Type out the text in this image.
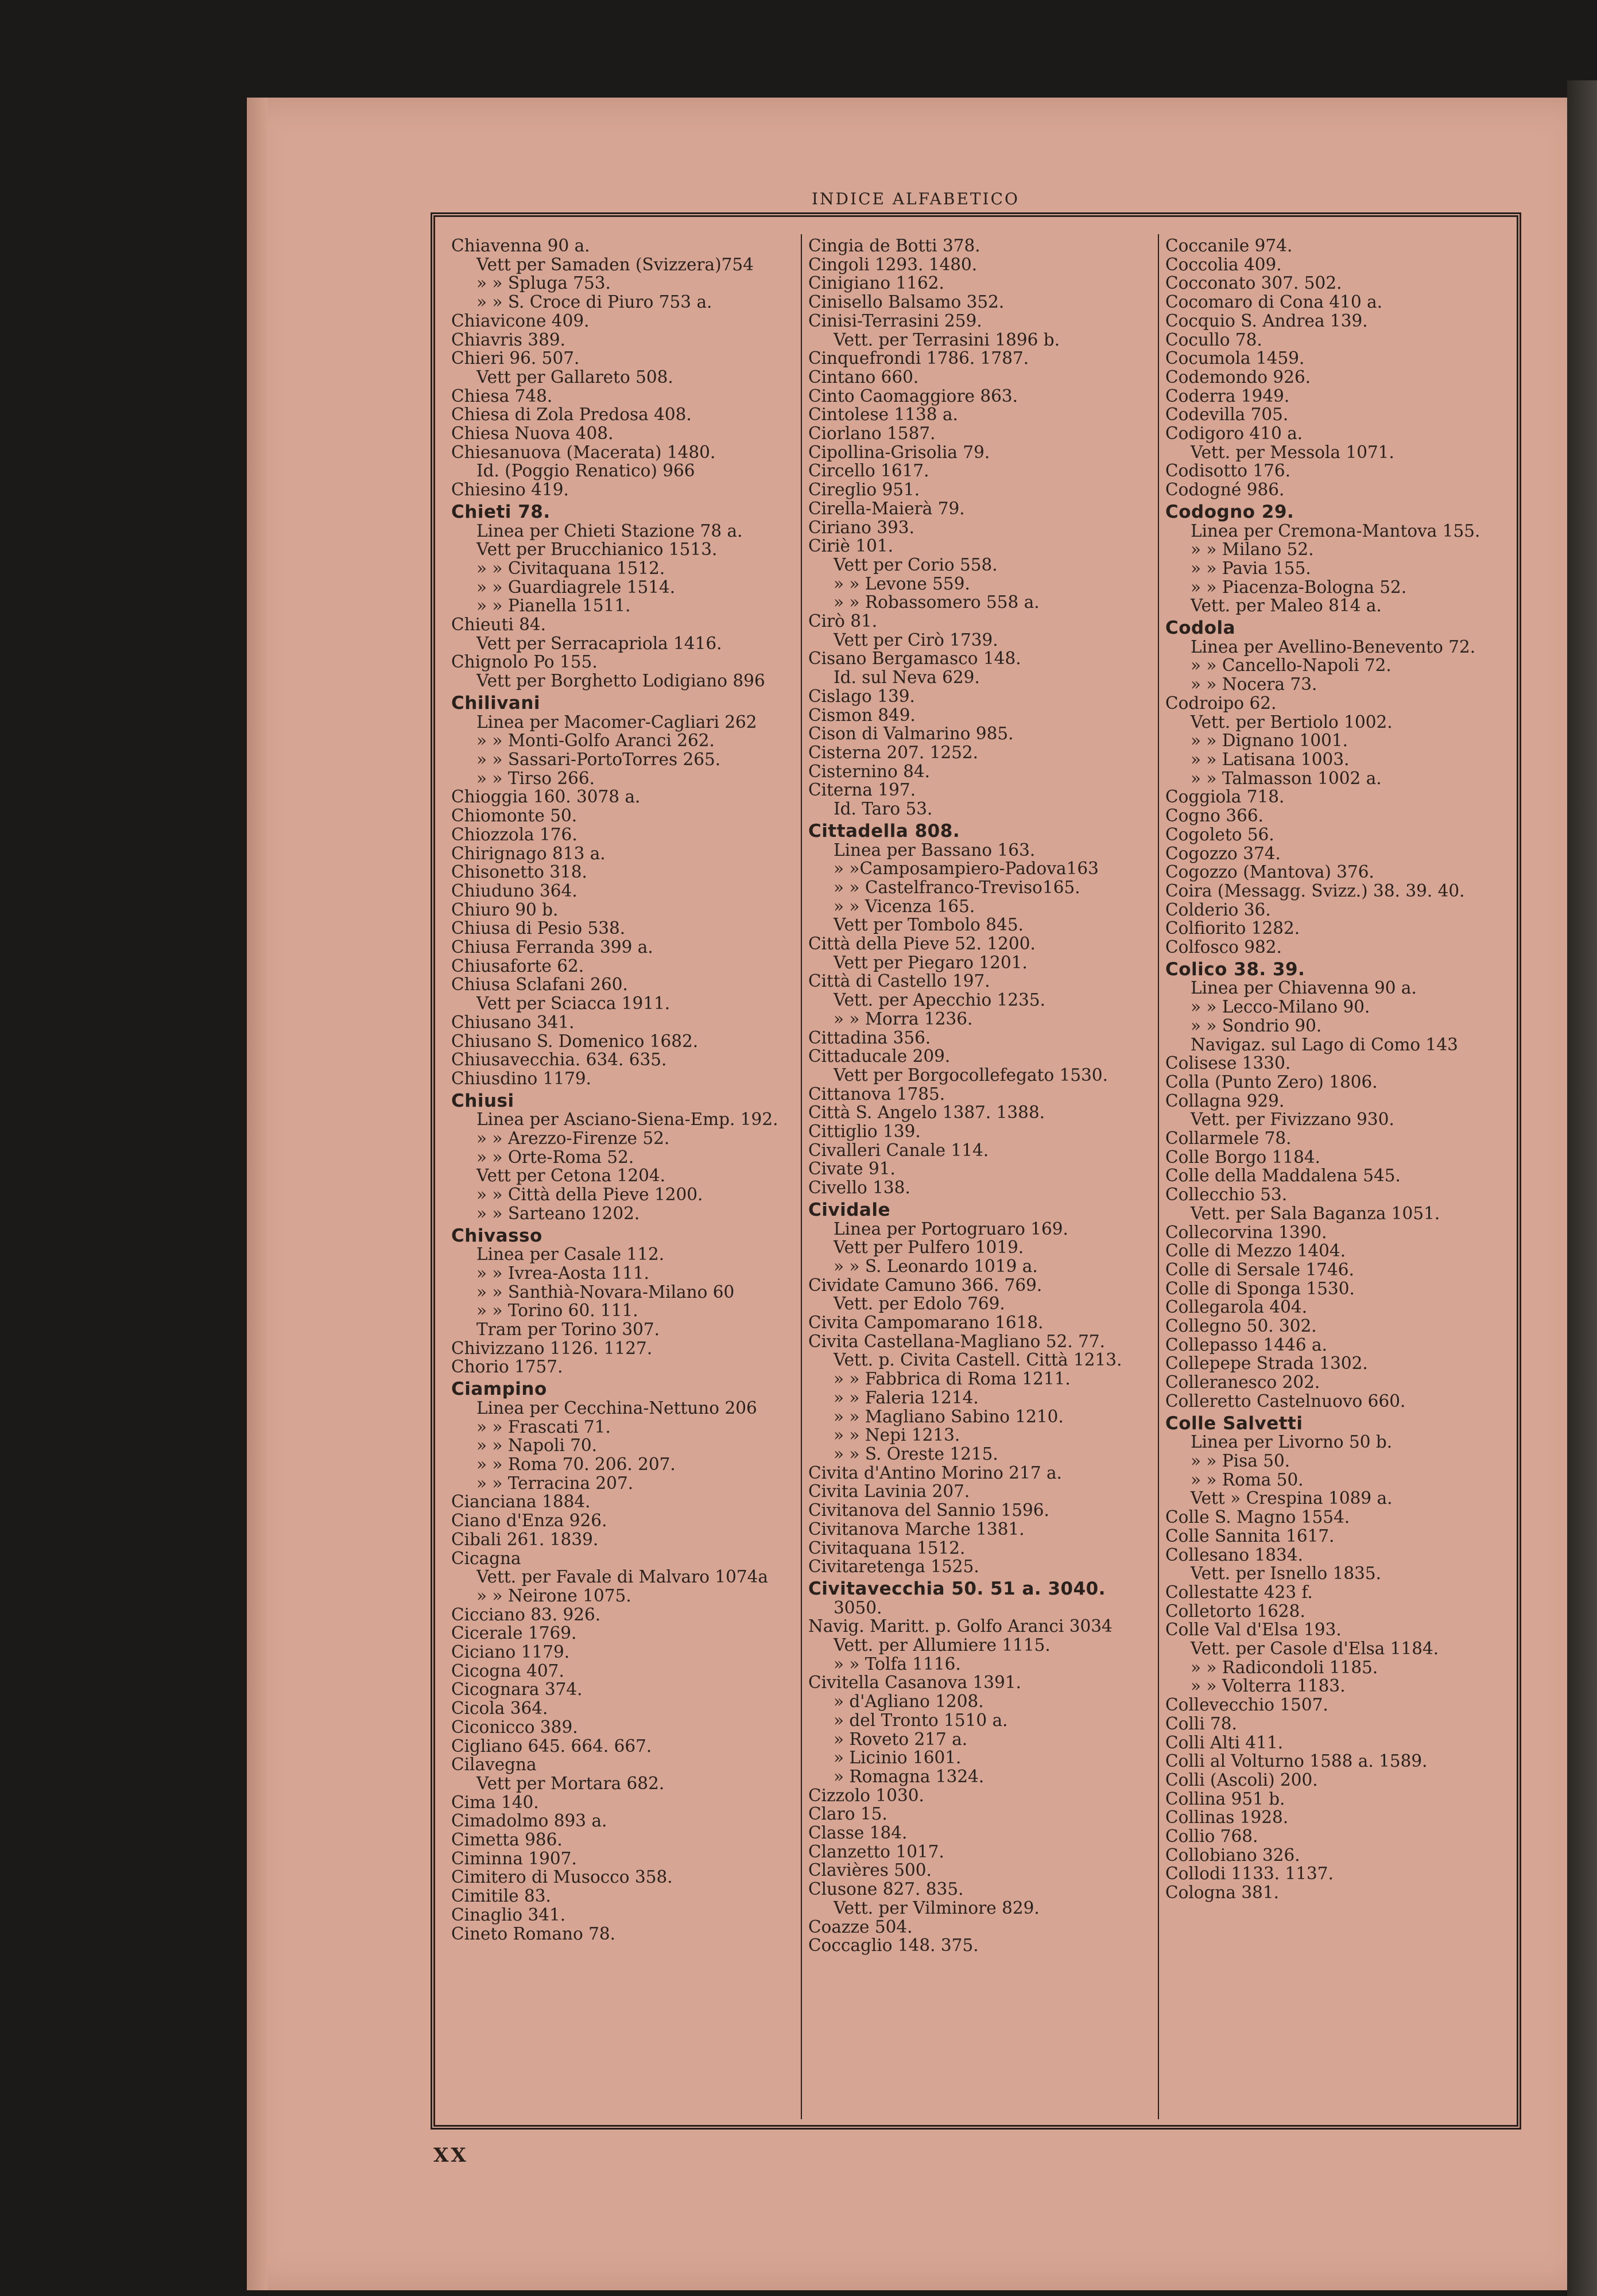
INDICE ALFABETICO
Chiavenna 90 a.
Vett per Samaden (Svizzera)754
» » Spluga 753.
» » S. Croce di Piuro 753 a.
Chiavicone 409.
Chiavris 389.
Chieri 96. 507.
Vett per Gallareto 508.
Chiesa 748.
Chiesa di Zola Predosa 408.
Chiesa Nuova 408.
Chiesanuova (Macerata) 1480.
Id. (Poggio Renatico) 966
Chiesino 419.
Chieti 78.
Linea per Chieti Stazione 78 a.
Vett per Brucchianico 1513.
» » Civitaquana 1512.
» » Guardiagrele 1514.
» » Pianella 1511.
Chieuti 84.
Vett per Serracapriola 1416.
Chignolo Po 155.
Vett per Borghetto Lodigiano 896
Chilivani
Linea per Macomer-Cagliari 262
» » Monti-Golfo Aranci 262.
» » Sassari-PortoTorres 265.
» » Tirso 266.
Chioggia 160. 3078 a.
Chiomonte 50.
Chiozzola 176.
Chirignago 813 a.
Chisonetto 318.
Chiuduno 364.
Chiuro 90 b.
Chiusa di Pesio 538.
Chiusa Ferranda 399 a.
Chiusaforte 62.
Chiusa Sclafani 260.
Vett per Sciacca 1911.
Chiusano 341.
Chiusano S. Domenico 1682.
Chiusavecchia. 634. 635.
Chiusdino 1179.
Chiusi
Linea per Asciano-Siena-Emp. 192.
» » Arezzo-Firenze 52.
» » Orte-Roma 52.
Vett per Cetona 1204.
» » Città della Pieve 1200.
» » Sarteano 1202.
Chivasso
Linea per Casale 112.
» » Ivrea-Aosta 111.
» » Santhià-Novara-Milano 60
» » Torino 60. 111.
Tram per Torino 307.
Chivizzano 1126. 1127.
Chorio 1757.
Ciampino
Linea per Cecchina-Nettuno 206
» » Frascati 71.
» » Napoli 70.
» » Roma 70. 206. 207.
» » Terracina 207.
Cianciana 1884.
Ciano d'Enza 926.
Cibali 261. 1839.
Cicagna
Vett. per Favale di Malvaro 1074a
» » Neirone 1075.
Cicciano 83. 926.
Cicerale 1769.
Ciciano 1179.
Cicogna 407.
Cicognara 374.
Cicola 364.
Ciconicco 389.
Cigliano 645. 664. 667.
Cilavegna
Vett per Mortara 682.
Cima 140.
Cimadolmo 893 a.
Cimetta 986.
Ciminna 1907.
Cimitero di Musocco 358.
Cimitile 83.
Cinaglio 341.
Cineto Romano 78.
Cingia de Botti 378.
Cingoli 1293. 1480.
Cinigiano 1162.
Cinisello Balsamo 352.
Cinisi-Terrasini 259.
Vett. per Terrasini 1896 b.
Cinquefrondi 1786. 1787.
Cintano 660.
Cinto Caomaggiore 863.
Cintolese 1138 a.
Ciorlano 1587.
Cipollina-Grisolia 79.
Circello 1617.
Cireglio 951.
Cirella-Maierà 79.
Ciriano 393.
Ciriè 101.
Vett per Corio 558.
» » Levone 559.
» » Robassomero 558 a.
Cirò 81.
Vett per Cirò 1739.
Cisano Bergamasco 148.
Id. sul Neva 629.
Cislago 139.
Cismon 849.
Cison di Valmarino 985.
Cisterna 207. 1252.
Cisternino 84.
Citerna 197.
Id. Taro 53.
Cittadella 808.
Linea per Bassano 163.
» »Camposampiero-Padova163
» » Castelfranco-Treviso165.
» » Vicenza 165.
Vett per Tombolo 845.
Città della Pieve 52. 1200.
Vett per Piegaro 1201.
Città di Castello 197.
Vett. per Apecchio 1235.
» » Morra 1236.
Cittadina 356.
Cittaducale 209.
Vett per Borgocollefegato 1530.
Cittanova 1785.
Città S. Angelo 1387. 1388.
Cittiglio 139.
Civalleri Canale 114.
Civate 91.
Civello 138.
Cividale
Linea per Portogruaro 169.
Vett per Pulfero 1019.
» » S. Leonardo 1019 a.
Cividate Camuno 366. 769.
Vett. per Edolo 769.
Civita Campomarano 1618.
Civita Castellana-Magliano 52. 77.
Vett. p. Civita Castell. Città 1213.
» » Fabbrica di Roma 1211.
» » Faleria 1214.
» » Magliano Sabino 1210.
» » Nepi 1213.
» » S. Oreste 1215.
Civita d'Antino Morino 217 a.
Civita Lavinia 207.
Civitanova del Sannio 1596.
Civitanova Marche 1381.
Civitaquana 1512.
Civitaretenga 1525.
Civitavecchia 50. 51 a. 3040.
3050.
Navig. Maritt. p. Golfo Aranci 3034
Vett. per Allumiere 1115.
» » Tolfa 1116.
Civitella Casanova 1391.
» d'Agliano 1208.
» del Tronto 1510 a.
» Roveto 217 a.
» Licinio 1601.
» Romagna 1324.
Cizzolo 1030.
Claro 15.
Classe 184.
Clanzetto 1017.
Clavières 500.
Clusone 827. 835.
Vett. per Vilminore 829.
Coazze 504.
Coccaglio 148. 375.
Coccanile 974.
Coccolia 409.
Cocconato 307. 502.
Cocomaro di Cona 410 a.
Cocquio S. Andrea 139.
Cocullo 78.
Cocumola 1459.
Codemondo 926.
Coderra 1949.
Codevilla 705.
Codigoro 410 a.
Vett. per Messola 1071.
Codisotto 176.
Codogné 986.
Codogno 29.
Linea per Cremona-Mantova 155.
» » Milano 52.
» » Pavia 155.
» » Piacenza-Bologna 52.
Vett. per Maleo 814 a.
Codola
Linea per Avellino-Benevento 72.
» » Cancello-Napoli 72.
» » Nocera 73.
Codroipo 62.
Vett. per Bertiolo 1002.
» » Dignano 1001.
» » Latisana 1003.
» » Talmasson 1002 a.
Coggiola 718.
Cogno 366.
Cogoleto 56.
Cogozzo 374.
Cogozzo (Mantova) 376.
Coira (Messagg. Svizz.) 38. 39. 40.
Colderio 36.
Colfiorito 1282.
Colfosco 982.
Colico 38. 39.
Linea per Chiavenna 90 a.
» » Lecco-Milano 90.
» » Sondrio 90.
Navigaz. sul Lago di Como 143
Colisese 1330.
Colla (Punto Zero) 1806.
Collagna 929.
Vett. per Fivizzano 930.
Collarmele 78.
Colle Borgo 1184.
Colle della Maddalena 545.
Collecchio 53.
Vett. per Sala Baganza 1051.
Collecorvina 1390.
Colle di Mezzo 1404.
Colle di Sersale 1746.
Colle di Sponga 1530.
Collegarola 404.
Collegno 50. 302.
Collepasso 1446 a.
Collepepe Strada 1302.
Colleranesco 202.
Colleretto Castelnuovo 660.
Colle Salvetti
Linea per Livorno 50 b.
» » Pisa 50.
» » Roma 50.
Vett » Crespina 1089 a.
Colle S. Magno 1554.
Colle Sannita 1617.
Collesano 1834.
Vett. per Isnello 1835.
Collestatte 423 f.
Colletorto 1628.
Colle Val d'Elsa 193.
Vett. per Casole d'Elsa 1184.
» » Radicondoli 1185.
» » Volterra 1183.
Collevecchio 1507.
Colli 78.
Colli Alti 411.
Colli al Volturno 1588 a. 1589.
Colli (Ascoli) 200.
Collina 951 b.
Collinas 1928.
Collio 768.
Collobiano 326.
Collodi 1133. 1137.
Cologna 381.
XX
